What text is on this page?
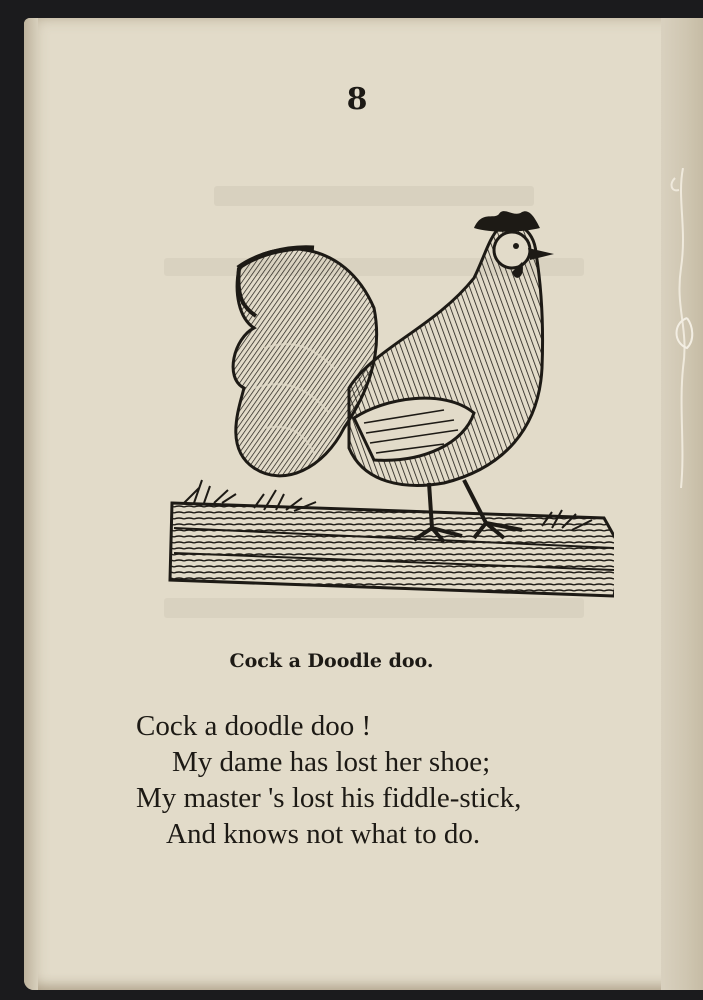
8
Cock a Doodle doo.
Cock a doodle doo !
My dame has lost her shoe;
My master 's lost his fiddle-stick,
And knows not what to do.
